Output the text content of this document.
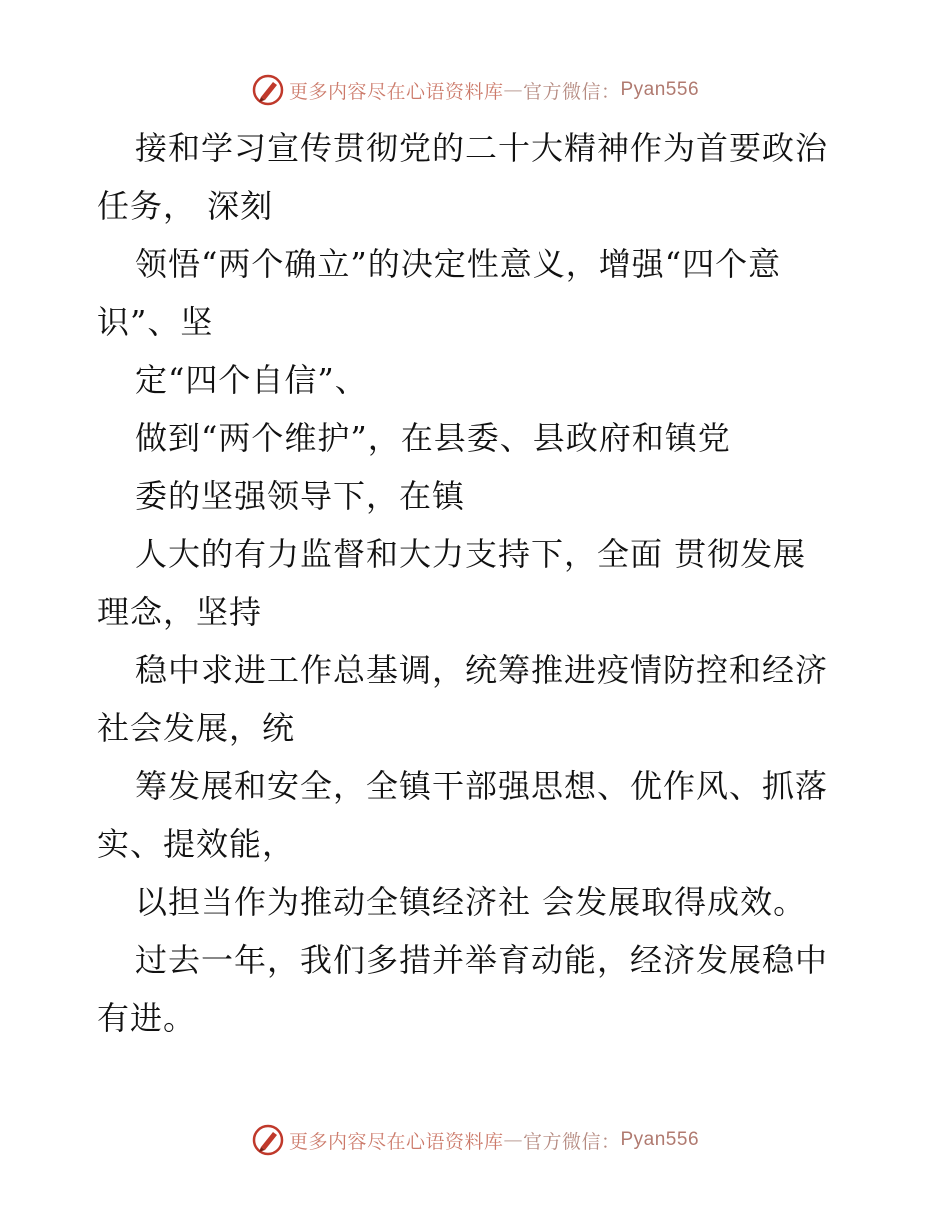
更多内容尽在心语资料库 — 官方微信： Pyan556
接和学习宣传贯彻党的二十大精神作为首要政治
任务， 深刻
领悟“两个确立”的决定性意义，增强“四个意
识”、坚
定“四个自信”、
做到“两个维护”，在县委、县政府和镇党
委的坚强领导下，在镇
人大的有力监督和大力支持下，全面 贯彻发展
理念，坚持
稳中求进工作总基调，统筹推进疫情防控和经济
社会发展，统
筹发展和安全，全镇干部强思想、优作风、抓落
实、提效能，
以担当作为推动全镇经济社 会发展取得成效。
过去一年，我们多措并举育动能，经济发展稳中
有进。
更多内容尽在心语资料库 — 官方微信： Pyan556
